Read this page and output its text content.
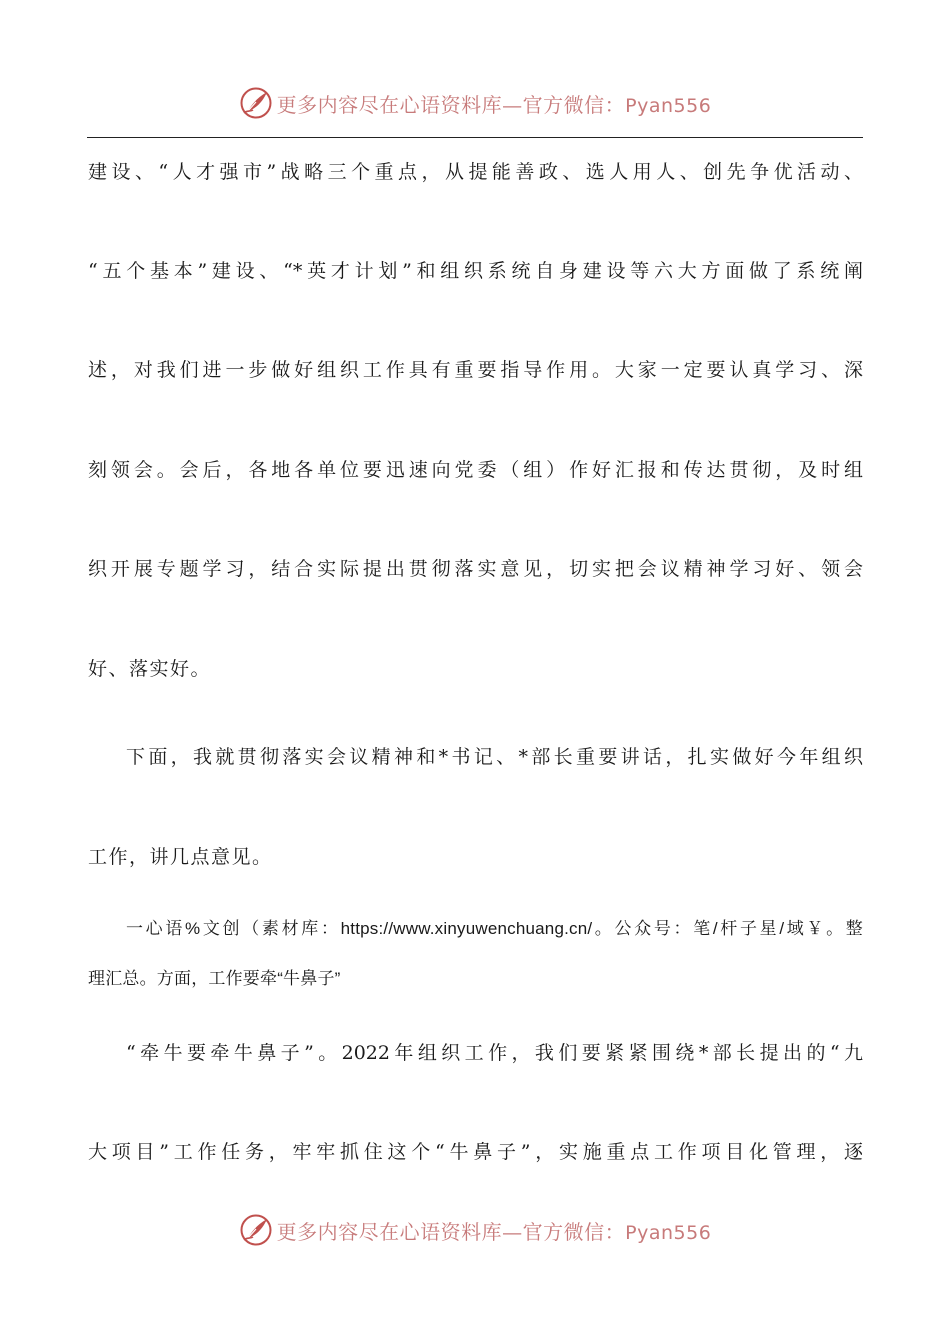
更多内容尽在心语资料库—官方微信：Pyan556
建设、“人才强市”战略三个重点，从提能善政、选人用人、创先争优活动、
“五个基本”建设、“*英才计划”和组织系统自身建设等六大方面做了系统阐
述，对我们进一步做好组织工作具有重要指导作用。大家一定要认真学习、深
刻领会。会后，各地各单位要迅速向党委（组）作好汇报和传达贯彻，及时组
织开展专题学习，结合实际提出贯彻落实意见，切实把会议精神学习好、领会
好、落实好。
下面，我就贯彻落实会议精神和*书记、*部长重要讲话，扎实做好今年组织
工作，讲几点意见。
一心语%文创（素材库：https://www.xinyuwenchuang.cn/。公众号：笔/杆子星/域￥。整
理汇总。方面，工作要牵“牛鼻子”
“牵牛要牵牛鼻子”。2022年组织工作，我们要紧紧围绕*部长提出的“九
大项目”工作任务，牢牢抓住这个“牛鼻子”，实施重点工作项目化管理，逐
更多内容尽在心语资料库—官方微信：Pyan556
